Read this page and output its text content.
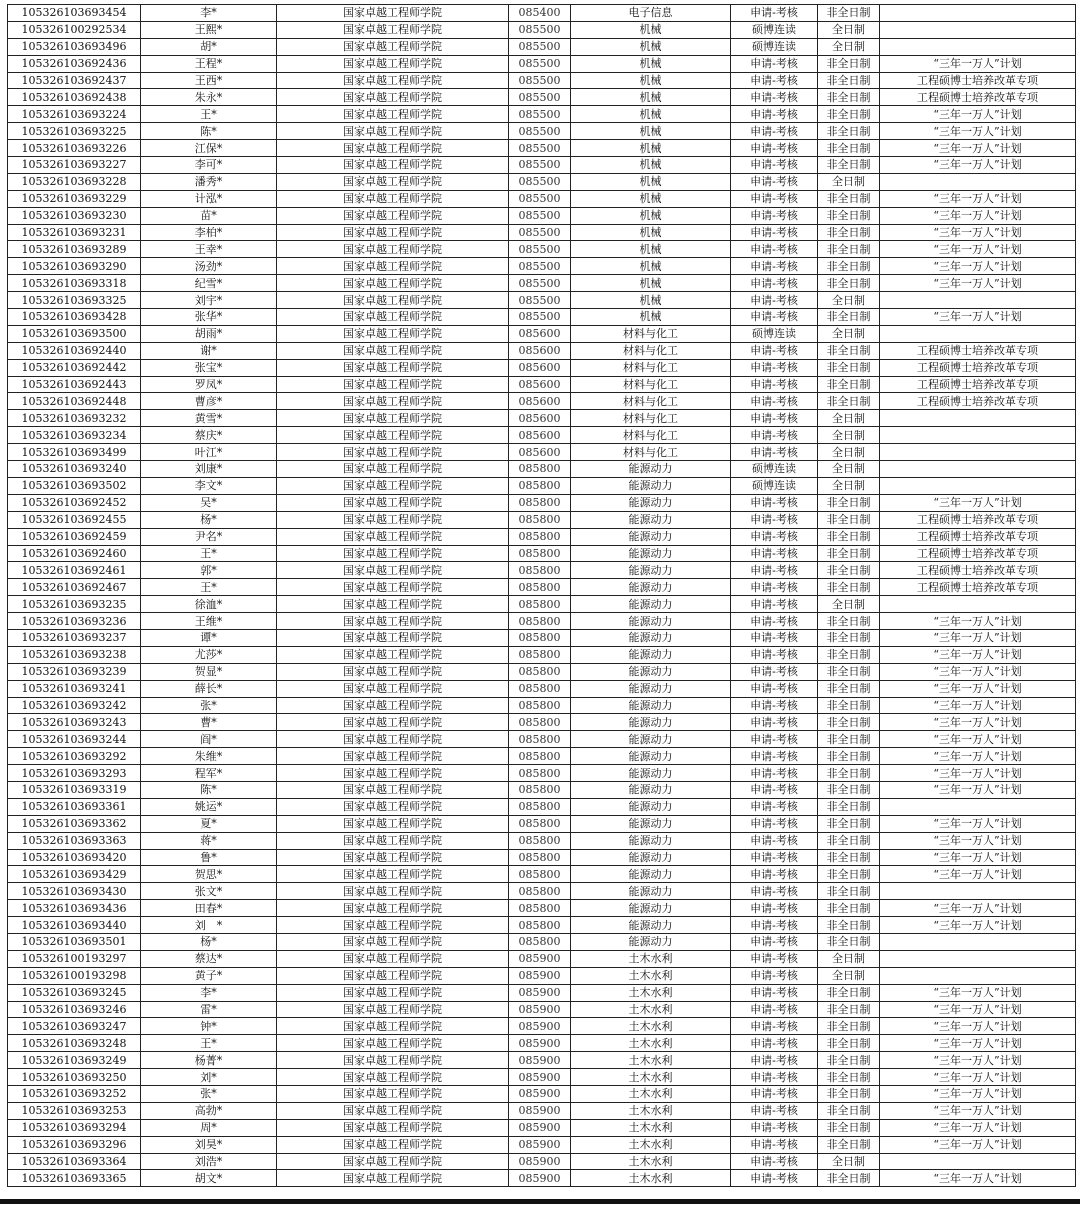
105326103693454	李*	国家卓越工程师学院	085400	电子信息	申请-考核	非全日制	
105326100292534	王熙*	国家卓越工程师学院	085500	机械	硕博连读	全日制	
105326103693496	胡*	国家卓越工程师学院	085500	机械	硕博连读	全日制	
105326103692436	王程*	国家卓越工程师学院	085500	机械	申请-考核	非全日制	“三年一万人”计划
105326103692437	王西*	国家卓越工程师学院	085500	机械	申请-考核	非全日制	工程硕博士培养改革专项
105326103692438	朱永*	国家卓越工程师学院	085500	机械	申请-考核	非全日制	工程硕博士培养改革专项
105326103693224	王*	国家卓越工程师学院	085500	机械	申请-考核	非全日制	“三年一万人”计划
105326103693225	陈*	国家卓越工程师学院	085500	机械	申请-考核	非全日制	“三年一万人”计划
105326103693226	江保*	国家卓越工程师学院	085500	机械	申请-考核	非全日制	“三年一万人”计划
105326103693227	李可*	国家卓越工程师学院	085500	机械	申请-考核	非全日制	“三年一万人”计划
105326103693228	潘秀*	国家卓越工程师学院	085500	机械	申请-考核	全日制	
105326103693229	计泓*	国家卓越工程师学院	085500	机械	申请-考核	非全日制	“三年一万人”计划
105326103693230	苗*	国家卓越工程师学院	085500	机械	申请-考核	非全日制	“三年一万人”计划
105326103693231	李柏*	国家卓越工程师学院	085500	机械	申请-考核	非全日制	“三年一万人”计划
105326103693289	王幸*	国家卓越工程师学院	085500	机械	申请-考核	非全日制	“三年一万人”计划
105326103693290	汤劲*	国家卓越工程师学院	085500	机械	申请-考核	非全日制	“三年一万人”计划
105326103693318	纪雪*	国家卓越工程师学院	085500	机械	申请-考核	非全日制	“三年一万人”计划
105326103693325	刘宇*	国家卓越工程师学院	085500	机械	申请-考核	全日制	
105326103693428	张华*	国家卓越工程师学院	085500	机械	申请-考核	非全日制	“三年一万人”计划
105326103693500	胡雨*	国家卓越工程师学院	085600	材料与化工	硕博连读	全日制	
105326103692440	谢*	国家卓越工程师学院	085600	材料与化工	申请-考核	非全日制	工程硕博士培养改革专项
105326103692442	张宝*	国家卓越工程师学院	085600	材料与化工	申请-考核	非全日制	工程硕博士培养改革专项
105326103692443	罗凤*	国家卓越工程师学院	085600	材料与化工	申请-考核	非全日制	工程硕博士培养改革专项
105326103692448	曹彦*	国家卓越工程师学院	085600	材料与化工	申请-考核	非全日制	工程硕博士培养改革专项
105326103693232	黄雪*	国家卓越工程师学院	085600	材料与化工	申请-考核	全日制	
105326103693234	蔡庆*	国家卓越工程师学院	085600	材料与化工	申请-考核	全日制	
105326103693499	叶江*	国家卓越工程师学院	085600	材料与化工	申请-考核	全日制	
105326103693240	刘康*	国家卓越工程师学院	085800	能源动力	硕博连读	全日制	
105326103693502	李文*	国家卓越工程师学院	085800	能源动力	硕博连读	全日制	
105326103692452	吴*	国家卓越工程师学院	085800	能源动力	申请-考核	非全日制	“三年一万人”计划
105326103692455	杨*	国家卓越工程师学院	085800	能源动力	申请-考核	非全日制	工程硕博士培养改革专项
105326103692459	尹名*	国家卓越工程师学院	085800	能源动力	申请-考核	非全日制	工程硕博士培养改革专项
105326103692460	王*	国家卓越工程师学院	085800	能源动力	申请-考核	非全日制	工程硕博士培养改革专项
105326103692461	郭*	国家卓越工程师学院	085800	能源动力	申请-考核	非全日制	工程硕博士培养改革专项
105326103692467	王*	国家卓越工程师学院	085800	能源动力	申请-考核	非全日制	工程硕博士培养改革专项
105326103693235	徐洫*	国家卓越工程师学院	085800	能源动力	申请-考核	全日制	
105326103693236	王维*	国家卓越工程师学院	085800	能源动力	申请-考核	非全日制	“三年一万人”计划
105326103693237	谭*	国家卓越工程师学院	085800	能源动力	申请-考核	非全日制	“三年一万人”计划
105326103693238	尤莎*	国家卓越工程师学院	085800	能源动力	申请-考核	非全日制	“三年一万人”计划
105326103693239	贺显*	国家卓越工程师学院	085800	能源动力	申请-考核	非全日制	“三年一万人”计划
105326103693241	薛长*	国家卓越工程师学院	085800	能源动力	申请-考核	非全日制	“三年一万人”计划
105326103693242	张*	国家卓越工程师学院	085800	能源动力	申请-考核	非全日制	“三年一万人”计划
105326103693243	曹*	国家卓越工程师学院	085800	能源动力	申请-考核	非全日制	“三年一万人”计划
105326103693244	阎*	国家卓越工程师学院	085800	能源动力	申请-考核	非全日制	“三年一万人”计划
105326103693292	朱维*	国家卓越工程师学院	085800	能源动力	申请-考核	非全日制	“三年一万人”计划
105326103693293	程军*	国家卓越工程师学院	085800	能源动力	申请-考核	非全日制	“三年一万人”计划
105326103693319	陈*	国家卓越工程师学院	085800	能源动力	申请-考核	非全日制	“三年一万人”计划
105326103693361	姚运*	国家卓越工程师学院	085800	能源动力	申请-考核	非全日制	
105326103693362	夏*	国家卓越工程师学院	085800	能源动力	申请-考核	非全日制	“三年一万人”计划
105326103693363	蒋*	国家卓越工程师学院	085800	能源动力	申请-考核	非全日制	“三年一万人”计划
105326103693420	鲁*	国家卓越工程师学院	085800	能源动力	申请-考核	非全日制	“三年一万人”计划
105326103693429	贺思*	国家卓越工程师学院	085800	能源动力	申请-考核	非全日制	“三年一万人”计划
105326103693430	张文*	国家卓越工程师学院	085800	能源动力	申请-考核	非全日制	
105326103693436	田春*	国家卓越工程师学院	085800	能源动力	申请-考核	非全日制	“三年一万人”计划
105326103693440	刘　*	国家卓越工程师学院	085800	能源动力	申请-考核	非全日制	“三年一万人”计划
105326103693501	杨*	国家卓越工程师学院	085800	能源动力	申请-考核	非全日制	
105326100193297	蔡达*	国家卓越工程师学院	085900	土木水利	申请-考核	全日制	
105326100193298	黄子*	国家卓越工程师学院	085900	土木水利	申请-考核	全日制	
105326103693245	李*	国家卓越工程师学院	085900	土木水利	申请-考核	非全日制	“三年一万人”计划
105326103693246	雷*	国家卓越工程师学院	085900	土木水利	申请-考核	非全日制	“三年一万人”计划
105326103693247	钟*	国家卓越工程师学院	085900	土木水利	申请-考核	非全日制	“三年一万人”计划
105326103693248	王*	国家卓越工程师学院	085900	土木水利	申请-考核	非全日制	“三年一万人”计划
105326103693249	杨菁*	国家卓越工程师学院	085900	土木水利	申请-考核	非全日制	“三年一万人”计划
105326103693250	刘*	国家卓越工程师学院	085900	土木水利	申请-考核	非全日制	“三年一万人”计划
105326103693252	张*	国家卓越工程师学院	085900	土木水利	申请-考核	非全日制	“三年一万人”计划
105326103693253	高勃*	国家卓越工程师学院	085900	土木水利	申请-考核	非全日制	“三年一万人”计划
105326103693294	周*	国家卓越工程师学院	085900	土木水利	申请-考核	非全日制	“三年一万人”计划
105326103693296	刘昊*	国家卓越工程师学院	085900	土木水利	申请-考核	非全日制	“三年一万人”计划
105326103693364	刘浩*	国家卓越工程师学院	085900	土木水利	申请-考核	全日制	
105326103693365	胡文*	国家卓越工程师学院	085900	土木水利	申请-考核	非全日制	“三年一万人”计划
